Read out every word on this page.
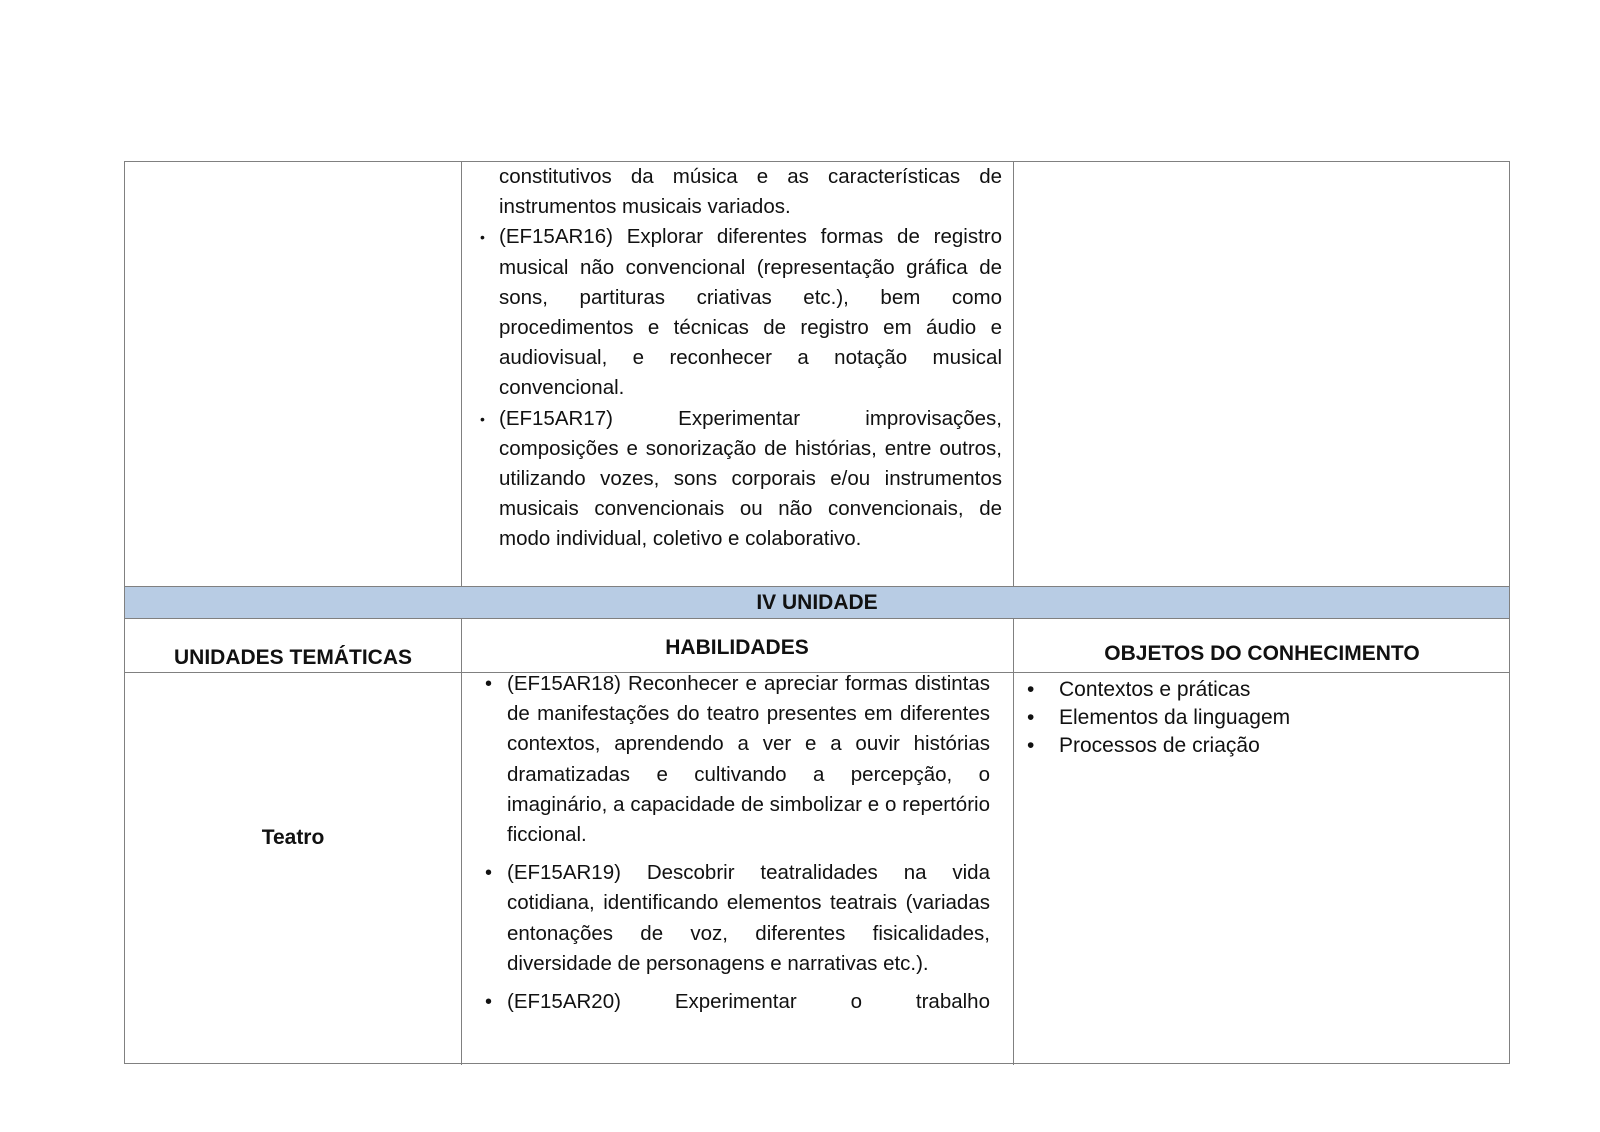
IV UNIDADE
UNIDADES TEMÁTICAS	HABILIDADES	OBJETOS DO CONHECIMENTO

constitutivos da música e as características de instrumentos musicais variados.

• (EF15AR16) Explorar diferentes formas de registro musical não convencional (representação gráfica de sons, partituras criativas etc.), bem como procedimentos e técnicas de registro em áudio e audiovisual, e reconhecer a notação musical convencional.

• (EF15AR17) Experimentar improvisações, composições e sonorização de histórias, entre outros, utilizando vozes, sons corporais e/ou instrumentos musicais convencionais ou não convencionais, de modo individual, coletivo e colaborativo.

Teatro

• (EF15AR18) Reconhecer e apreciar formas distintas de manifestações do teatro presentes em diferentes contextos, aprendendo a ver e a ouvir histórias dramatizadas e cultivando a percepção, o imaginário, a capacidade de simbolizar e o repertório ficcional.

• (EF15AR19) Descobrir teatralidades na vida cotidiana, identificando elementos teatrais (variadas entonações de voz, diferentes fisicalidades, diversidade de personagens e narrativas etc.).

• (EF15AR20) Experimentar o trabalho

• Contextos e práticas
• Elementos da linguagem
• Processos de criação
